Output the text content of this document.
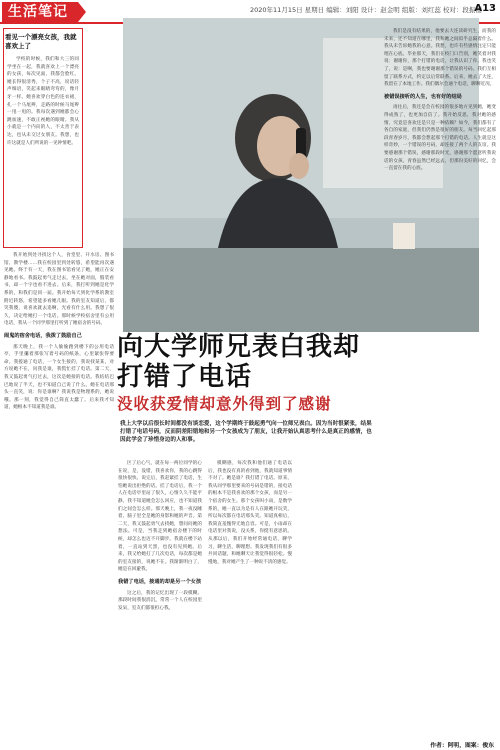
生活笔记	2020年11月15日 星期日 编辑：刘阳 设计：赵金明 组版：刘红蕊 校对：段振丽
A13
看见一个漂亮女孩，我就喜欢上了

学校的时候，我们和大三的同学坐在一起，我就喜欢上一个漂亮的女孩，每次见面，我都会脸红。她长得很清秀，个子不高，说话轻声细语，笑起来眼睛弯弯的，像月牙一样。她喜欢穿白色的连衣裙，扎一个马尾辫，走路的时候马尾辫一甩一甩的。我每次遇到她都会心跳加速，不敢正视她的眼睛。我从小就是一个内向的人，不太善于表达，也从未交过女朋友。我想，也许这就是人们所说的一见钟情吧。

我开始到处寻找这个人，食堂里、开水房、图书馆、教学楼……我在校园里到处转悠，希望能再次遇见她。终于有一天，我在图书馆看见了她，她正在安静地看书。我鼓起勇气走过去，坐在她对面，假装看书，却一个字也看不进去。后来，我打听到她是化学系的，和我们是同一届。我开始每天到化学系的教室附近转悠，希望能多看她几眼。我的室友知道后，都笑我傻，说喜欢就去追啊，光看有什么用。我想了很久，决定给她打一个电话。那时候学校宿舍里有公用电话，我从一个同学那里打听到了她宿舍的号码。

闹鬼的宿舍电话，我拨了鼓励自己

那天晚上，我一个人偷偷跑到楼下的公用电话亭，手里攥着那张写着号码的纸条，心里紧张得要命。我拨通了电话，一个女生接的，我说找某某，对方说她不在，问我是谁，我慌忙挂了电话。第二天，我又鼓起勇气打过去，这次是她接的电话。我结结巴巴地说了半天，也不知道自己说了什么。她在电话那头一直笑，说：你是谁啊？我说我是物理系的，她说哦。那一刻，我觉得自己简直太蠢了。后来我才知道，她根本不知道我是谁。

向大学师兄表白我却打错了电话
没收获爱情却意外得到了感谢
我上大学以后很长时间都没有谈恋爱，这个学期终于鼓起勇气向一位师兄表白。因为当时很紧张，结果打错了电话号码，反而阴差阳错地和另一个女孩成为了朋友，让我开始认真思考什么是真正的感情，也因此学会了珍惜身边的人和事。

区了后心气，就在每一两位同学的心在说，是，没错，我喜欢你，我的心跳得很快很快。说完后，我赶紧挂了电话，生怕她说出拒绝的话。挂了电话后，我一个人在电话亭里站了很久，心情久久不能平静。我不知道她会怎么回应，也不知道我们之间会怎么样。那天晚上，我一夜没睡着，脑子里全是她的身影和她的声音。第二天，我又鼓起勇气去找她，想问问她的想法。可是，当我走到她宿舍楼下的时候，却怎么也迈不开脚步。我就在楼下站着，一直站到天黑，也没有见到她。后来，我又给她打了几次电话，每次都是她的室友接的，说她不在。我渐渐明白了，她是在回避我。

我错了电话，接通的却是另一个女孩

这之后，我的记忆出现了一段模糊。那段时间我很消沉，常常一个人在校园里发呆，室友们都很担心我。

模糊感，每次我和他们通了电话以后，我也没有真的看到他，我就知道事情不对了。她是谁？我打错了电话。原来，我从同学那里要来的号码是错的，接电话的根本不是我喜欢的那个女孩，而是另一个宿舍的女生。那个女孩叫小雨，是数学系的，她一直以为是有人在跟她开玩笑，所以每次都在电话那头笑。知道真相后，我简直羞愧得无地自容。可是，小雨却在电话里对我说，没关系，你挺有意思的。从那以后，我们开始经常通电话，聊学习，聊生活，聊理想。我发现我们有很多共同话题，和她聊天让我觉得很轻松。慢慢地，我对她产生了一种说不清的感觉。

我们是没有结果的，他要去大连读研究生，而我的未来，还不知道在哪里，我和她之间似乎总隔着什么。我从未告诉她我的心意。我想，也许有些感情注定只能埋在心底。毕业那天，我们在校门口告别，她笑着对我说：谢谢你，那个打错的电话，让我认识了你。我也笑了，说：是啊，我也要谢谢那个错误的号码。我们互相留了联系方式，约定以后常联系。后来，她去了大连，我留在了本地工作。我们偶尔会通个电话，聊聊近况。

被错误接听的人生，也有好的结局

再往后，我还是会在校园的很多地方见到她，她变得成熟了，也更加自信了。我开始反思，我对她的感情，究竟是喜欢还是只是一种依赖？如今，我们都有了各自的家庭，但我们仍然是很好的朋友。每当回忆起那段青春岁月，我都会想起那个打错的电话。人生就是这样奇妙，一个错误的号码，却连接了两个人的友谊。我要感谢那个错误，感谢那段时光，感谢那个愿意听我说话的女孩。青春虽然已经远去，但那份美好的回忆，会一直留在我的心底。

作者：阿明，图案：俊东
